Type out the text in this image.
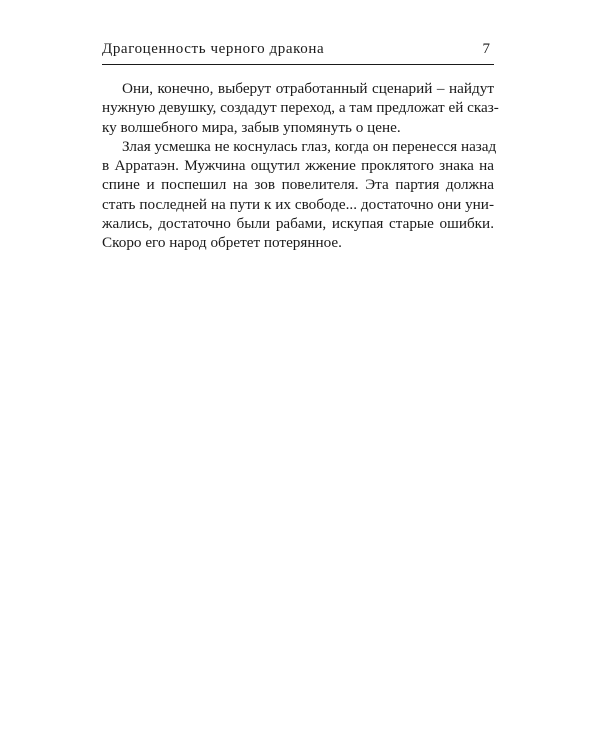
Драгоценность черного дракона	7
Они, конечно, выберут отработанный сценарий – найдут
нужную девушку, создадут переход, а там предложат ей сказ-
ку волшебного мира, забыв упомянуть о цене.
Злая усмешка не коснулась глаз, когда он перенесся назад
в Арратаэн. Мужчина ощутил жжение проклятого знака на
спине и поспешил на зов повелителя. Эта партия должна
стать последней на пути к их свободе... достаточно они уни-
жались, достаточно были рабами, искупая старые ошибки.
Скоро его народ обретет потерянное.
